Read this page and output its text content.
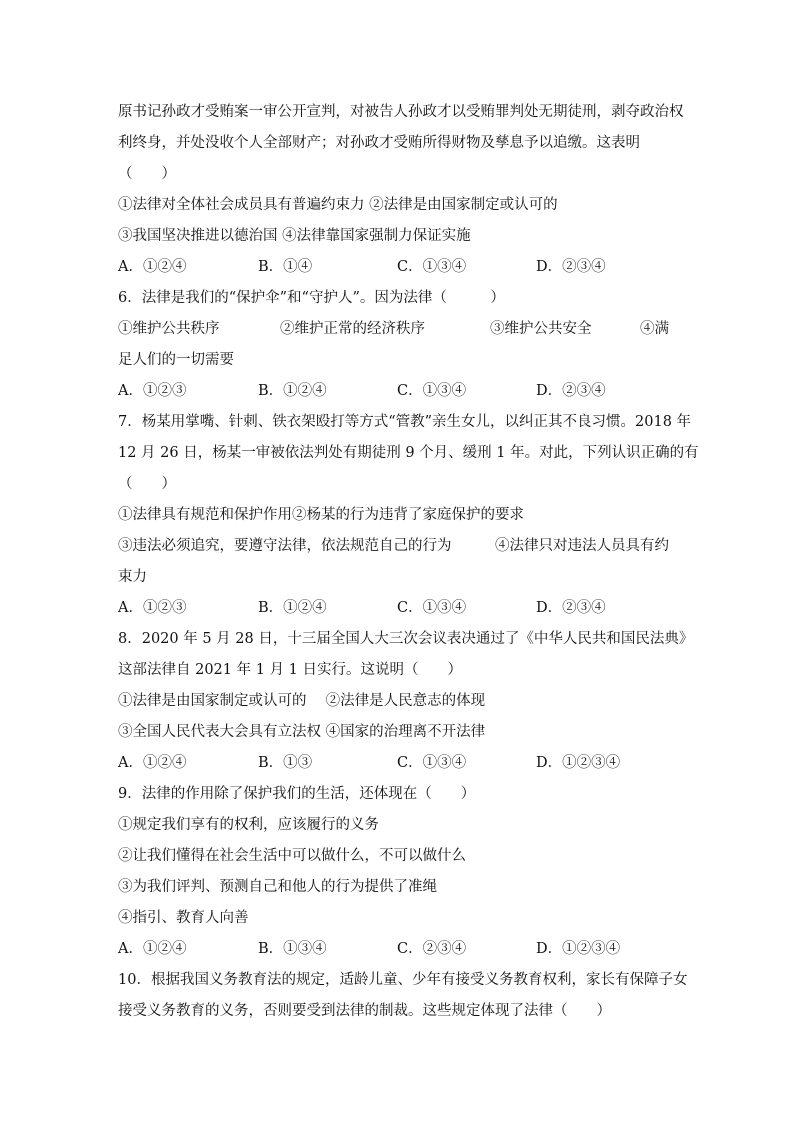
原书记孙政才受贿案一审公开宣判，对被告人孙政才以受贿罪判处无期徒刑，剥夺政治权
利终身，并处没收个人全部财产；对孙政才受贿所得财物及孳息予以追缴。这表明
（　　）
①法律对全体社会成员具有普遍约束力 ②法律是由国家制定或认可的
③我国坚决推进以德治国 ④法律靠国家强制力保证实施
A．①②④	B．①④	C．①③④	D．②③④
6．法律是我们的“保护伞”和“守护人”。因为法律（　　　）
①维护公共秩序	②维护正常的经济秩序	③维护公共安全	④满
足人们的一切需要
A．①②③	B．①②④	C．①③④	D．②③④
7．杨某用掌嘴、针刺、铁衣架殴打等方式“管教”亲生女儿，以纠正其不良习惯。2018 年
12 月 26 日，杨某一审被依法判处有期徒刑 9 个月、缓刑 1 年。对此，下列认识正确的有
（　　）
①法律具有规范和保护作用②杨某的行为违背了家庭保护的要求
③违法必须追究，要遵守法律，依法规范自己的行为	④法律只对违法人员具有约
束力
A．①②③	B．①②④	C．①③④	D．②③④
8．2020 年 5 月 28 日，十三届全国人大三次会议表决通过了《中华人民共和国民法典》
这部法律自 2021 年 1 月 1 日实行。这说明（　　）
①法律是由国家制定或认可的　 ②法律是人民意志的体现
③全国人民代表大会具有立法权 ④国家的治理离不开法律
A．①②④	B．①③	C．①③④	D．①②③④
9．法律的作用除了保护我们的生活，还体现在（　　）
①规定我们享有的权利，应该履行的义务
②让我们懂得在社会生活中可以做什么，不可以做什么
③为我们评判、预测自己和他人的行为提供了准绳
④指引、教育人向善
A．①②④	B．①③④	C．②③④	D．①②③④
10．根据我国义务教育法的规定，适龄儿童、少年有接受义务教育权利，家长有保障子女
接受义务教育的义务，否则要受到法律的制裁。这些规定体现了法律（　　）
